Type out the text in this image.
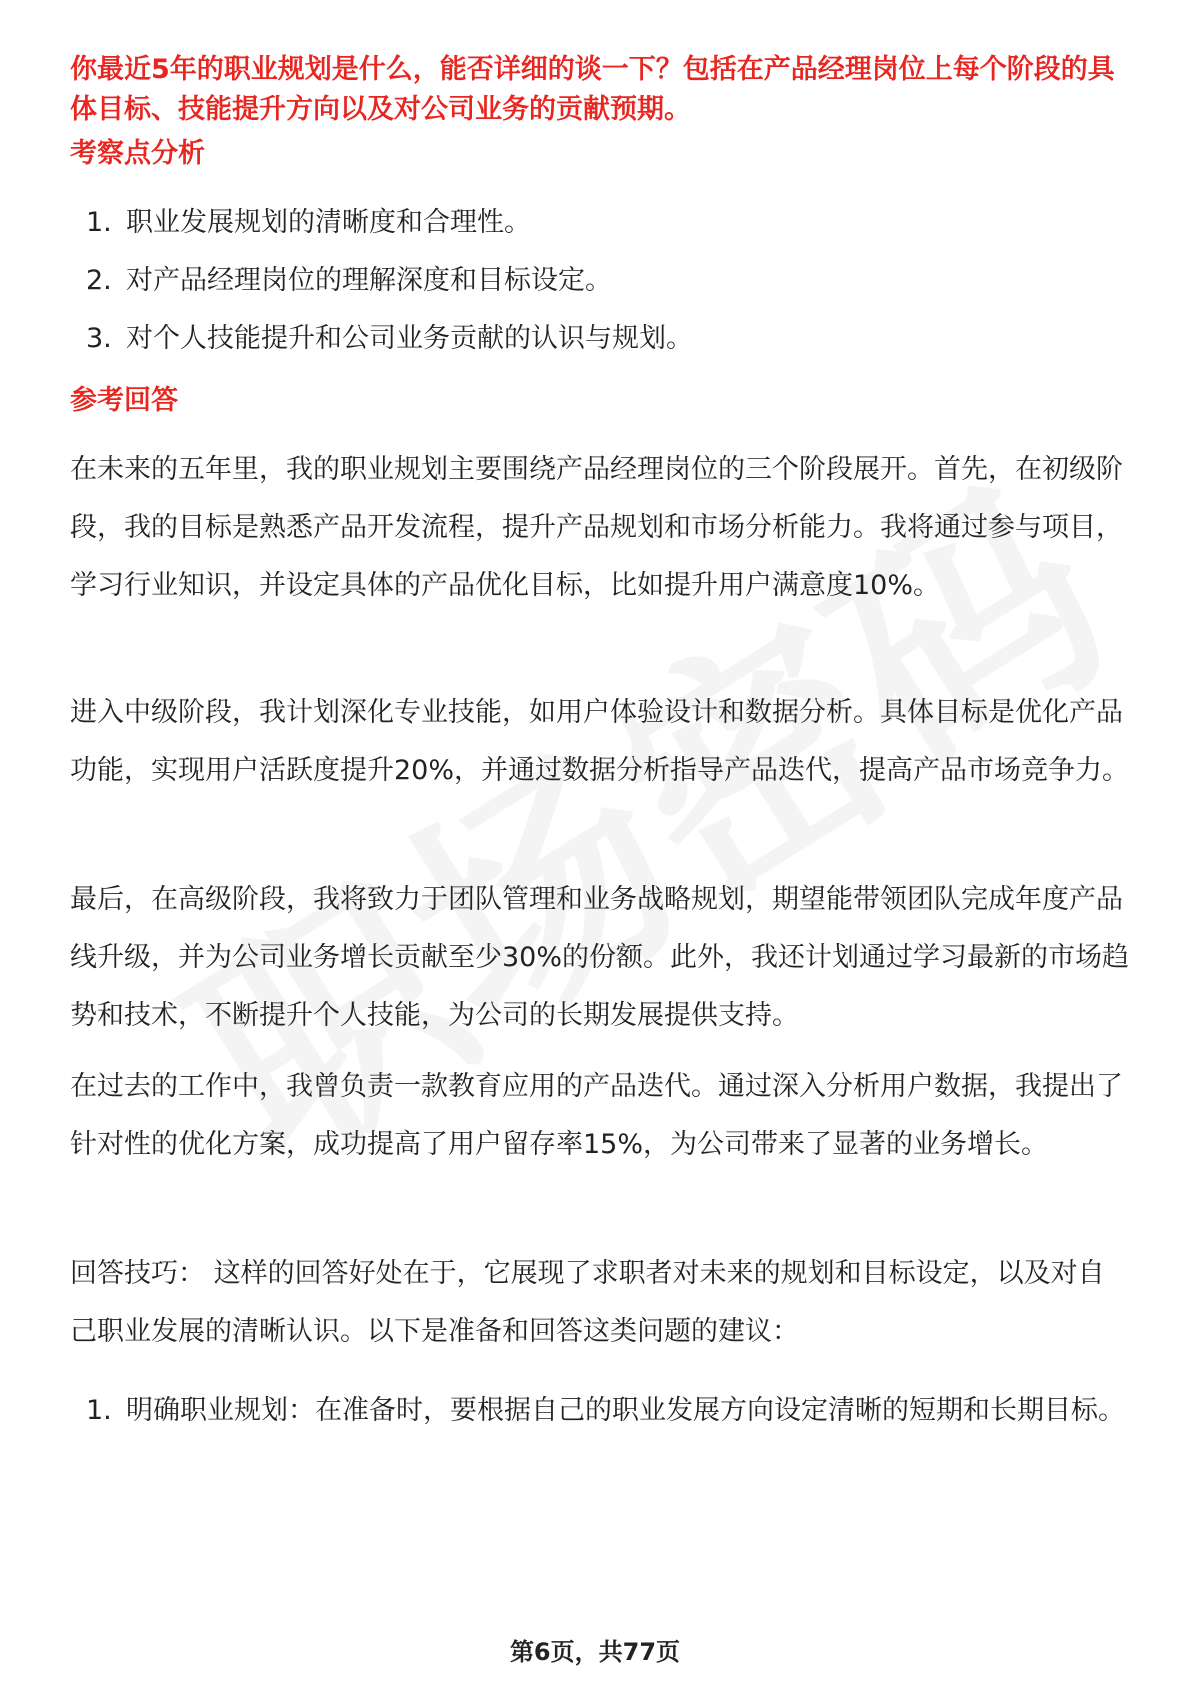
你最近5年的职业规划是什么，能否详细的谈一下？包括在产品经理岗位上每个阶段的具体目标、技能提升方向以及对公司业务的贡献预期。

考察点分析
1. 职业发展规划的清晰度和合理性。
2. 对产品经理岗位的理解深度和目标设定。
3. 对个人技能提升和公司业务贡献的认识与规划。
参考回答

在未来的五年里，我的职业规划主要围绕产品经理岗位的三个阶段展开。首先，在初级阶段，我的目标是熟悉产品开发流程，提升产品规划和市场分析能力。我将通过参与项目，学习行业知识，并设定具体的产品优化目标，比如提升用户满意度10%。

进入中级阶段，我计划深化专业技能，如用户体验设计和数据分析。具体目标是优化产品功能，实现用户活跃度提升20%，并通过数据分析指导产品迭代，提高产品市场竞争力。

最后，在高级阶段，我将致力于团队管理和业务战略规划，期望能带领团队完成年度产品线升级，并为公司业务增长贡献至少30%的份额。此外，我还计划通过学习最新的市场趋势和技术，不断提升个人技能，为公司的长期发展提供支持。

在过去的工作中，我曾负责一款教育应用的产品迭代。通过深入分析用户数据，我提出了针对性的优化方案，成功提高了用户留存率15%，为公司带来了显著的业务增长。

回答技巧： 这样的回答好处在于，它展现了求职者对未来的规划和目标设定，以及对自己职业发展的清晰认识。以下是准备和回答这类问题的建议：

1. 明确职业规划：在准备时，要根据自己的职业发展方向设定清晰的短期和长期目标。
第6页，共77页
